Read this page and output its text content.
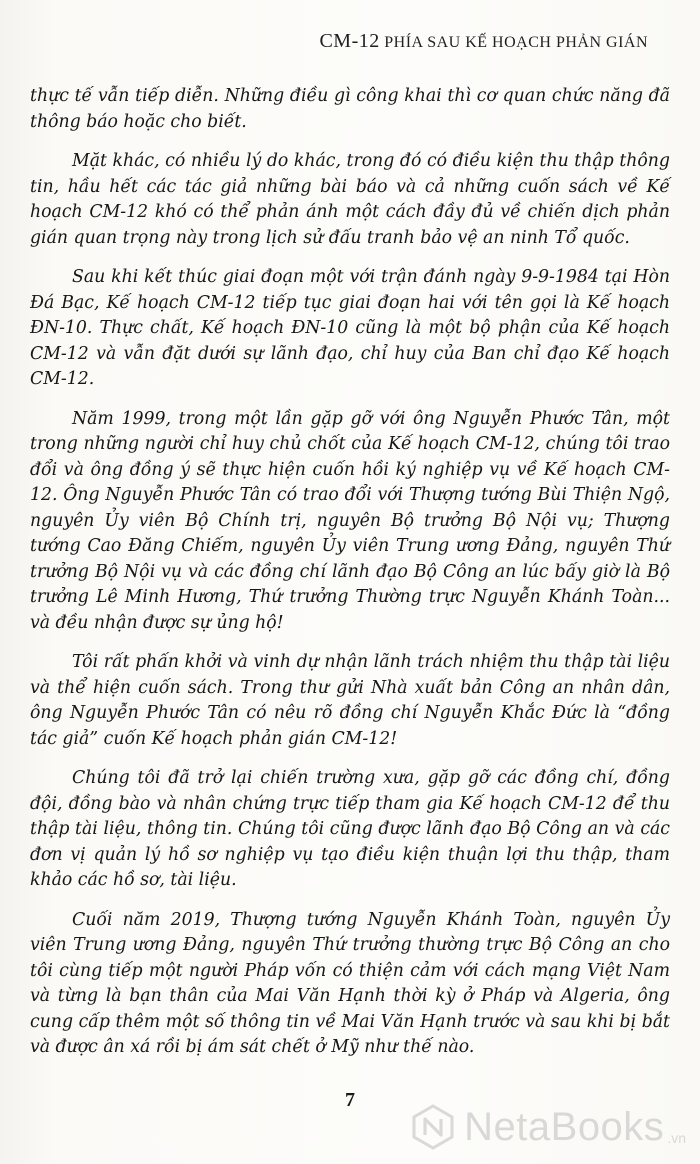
CM-12 PHÍA SAU KẾ HOẠCH PHẢN GIÁN

thực tế vẫn tiếp diễn. Những điều gì công khai thì cơ quan chức năng đã thông báo hoặc cho biết.

Mặt khác, có nhiều lý do khác, trong đó có điều kiện thu thập thông tin, hầu hết các tác giả những bài báo và cả những cuốn sách về Kế hoạch CM-12 khó có thể phản ánh một cách đầy đủ về chiến dịch phản gián quan trọng này trong lịch sử đấu tranh bảo vệ an ninh Tổ quốc.

Sau khi kết thúc giai đoạn một với trận đánh ngày 9-9-1984 tại Hòn Đá Bạc, Kế hoạch CM-12 tiếp tục giai đoạn hai với tên gọi là Kế hoạch ĐN-10. Thực chất, Kế hoạch ĐN-10 cũng là một bộ phận của Kế hoạch CM-12 và vẫn đặt dưới sự lãnh đạo, chỉ huy của Ban chỉ đạo Kế hoạch CM-12.

Năm 1999, trong một lần gặp gỡ với ông Nguyễn Phước Tân, một trong những người chỉ huy chủ chốt của Kế hoạch CM-12, chúng tôi trao đổi và ông đồng ý sẽ thực hiện cuốn hồi ký nghiệp vụ về Kế hoạch CM-12. Ông Nguyễn Phước Tân có trao đổi với Thượng tướng Bùi Thiện Ngộ, nguyên Ủy viên Bộ Chính trị, nguyên Bộ trưởng Bộ Nội vụ; Thượng tướng Cao Đăng Chiếm, nguyên Ủy viên Trung ương Đảng, nguyên Thứ trưởng Bộ Nội vụ và các đồng chí lãnh đạo Bộ Công an lúc bấy giờ là Bộ trưởng Lê Minh Hương, Thứ trưởng Thường trực Nguyễn Khánh Toàn... và đều nhận được sự ủng hộ!

Tôi rất phấn khởi và vinh dự nhận lãnh trách nhiệm thu thập tài liệu và thể hiện cuốn sách. Trong thư gửi Nhà xuất bản Công an nhân dân, ông Nguyễn Phước Tân có nêu rõ đồng chí Nguyễn Khắc Đức là “đồng tác giả” cuốn Kế hoạch phản gián CM-12!

Chúng tôi đã trở lại chiến trường xưa, gặp gỡ các đồng chí, đồng đội, đồng bào và nhân chứng trực tiếp tham gia Kế hoạch CM-12 để thu thập tài liệu, thông tin. Chúng tôi cũng được lãnh đạo Bộ Công an và các đơn vị quản lý hồ sơ nghiệp vụ tạo điều kiện thuận lợi thu thập, tham khảo các hồ sơ, tài liệu.

Cuối năm 2019, Thượng tướng Nguyễn Khánh Toàn, nguyên Ủy viên Trung ương Đảng, nguyên Thứ trưởng thường trực Bộ Công an cho tôi cùng tiếp một người Pháp vốn có thiện cảm với cách mạng Việt Nam và từng là bạn thân của Mai Văn Hạnh thời kỳ ở Pháp và Algeria, ông cung cấp thêm một số thông tin về Mai Văn Hạnh trước và sau khi bị bắt và được ân xá rồi bị ám sát chết ở Mỹ như thế nào.

7
NetaBooks .vn
